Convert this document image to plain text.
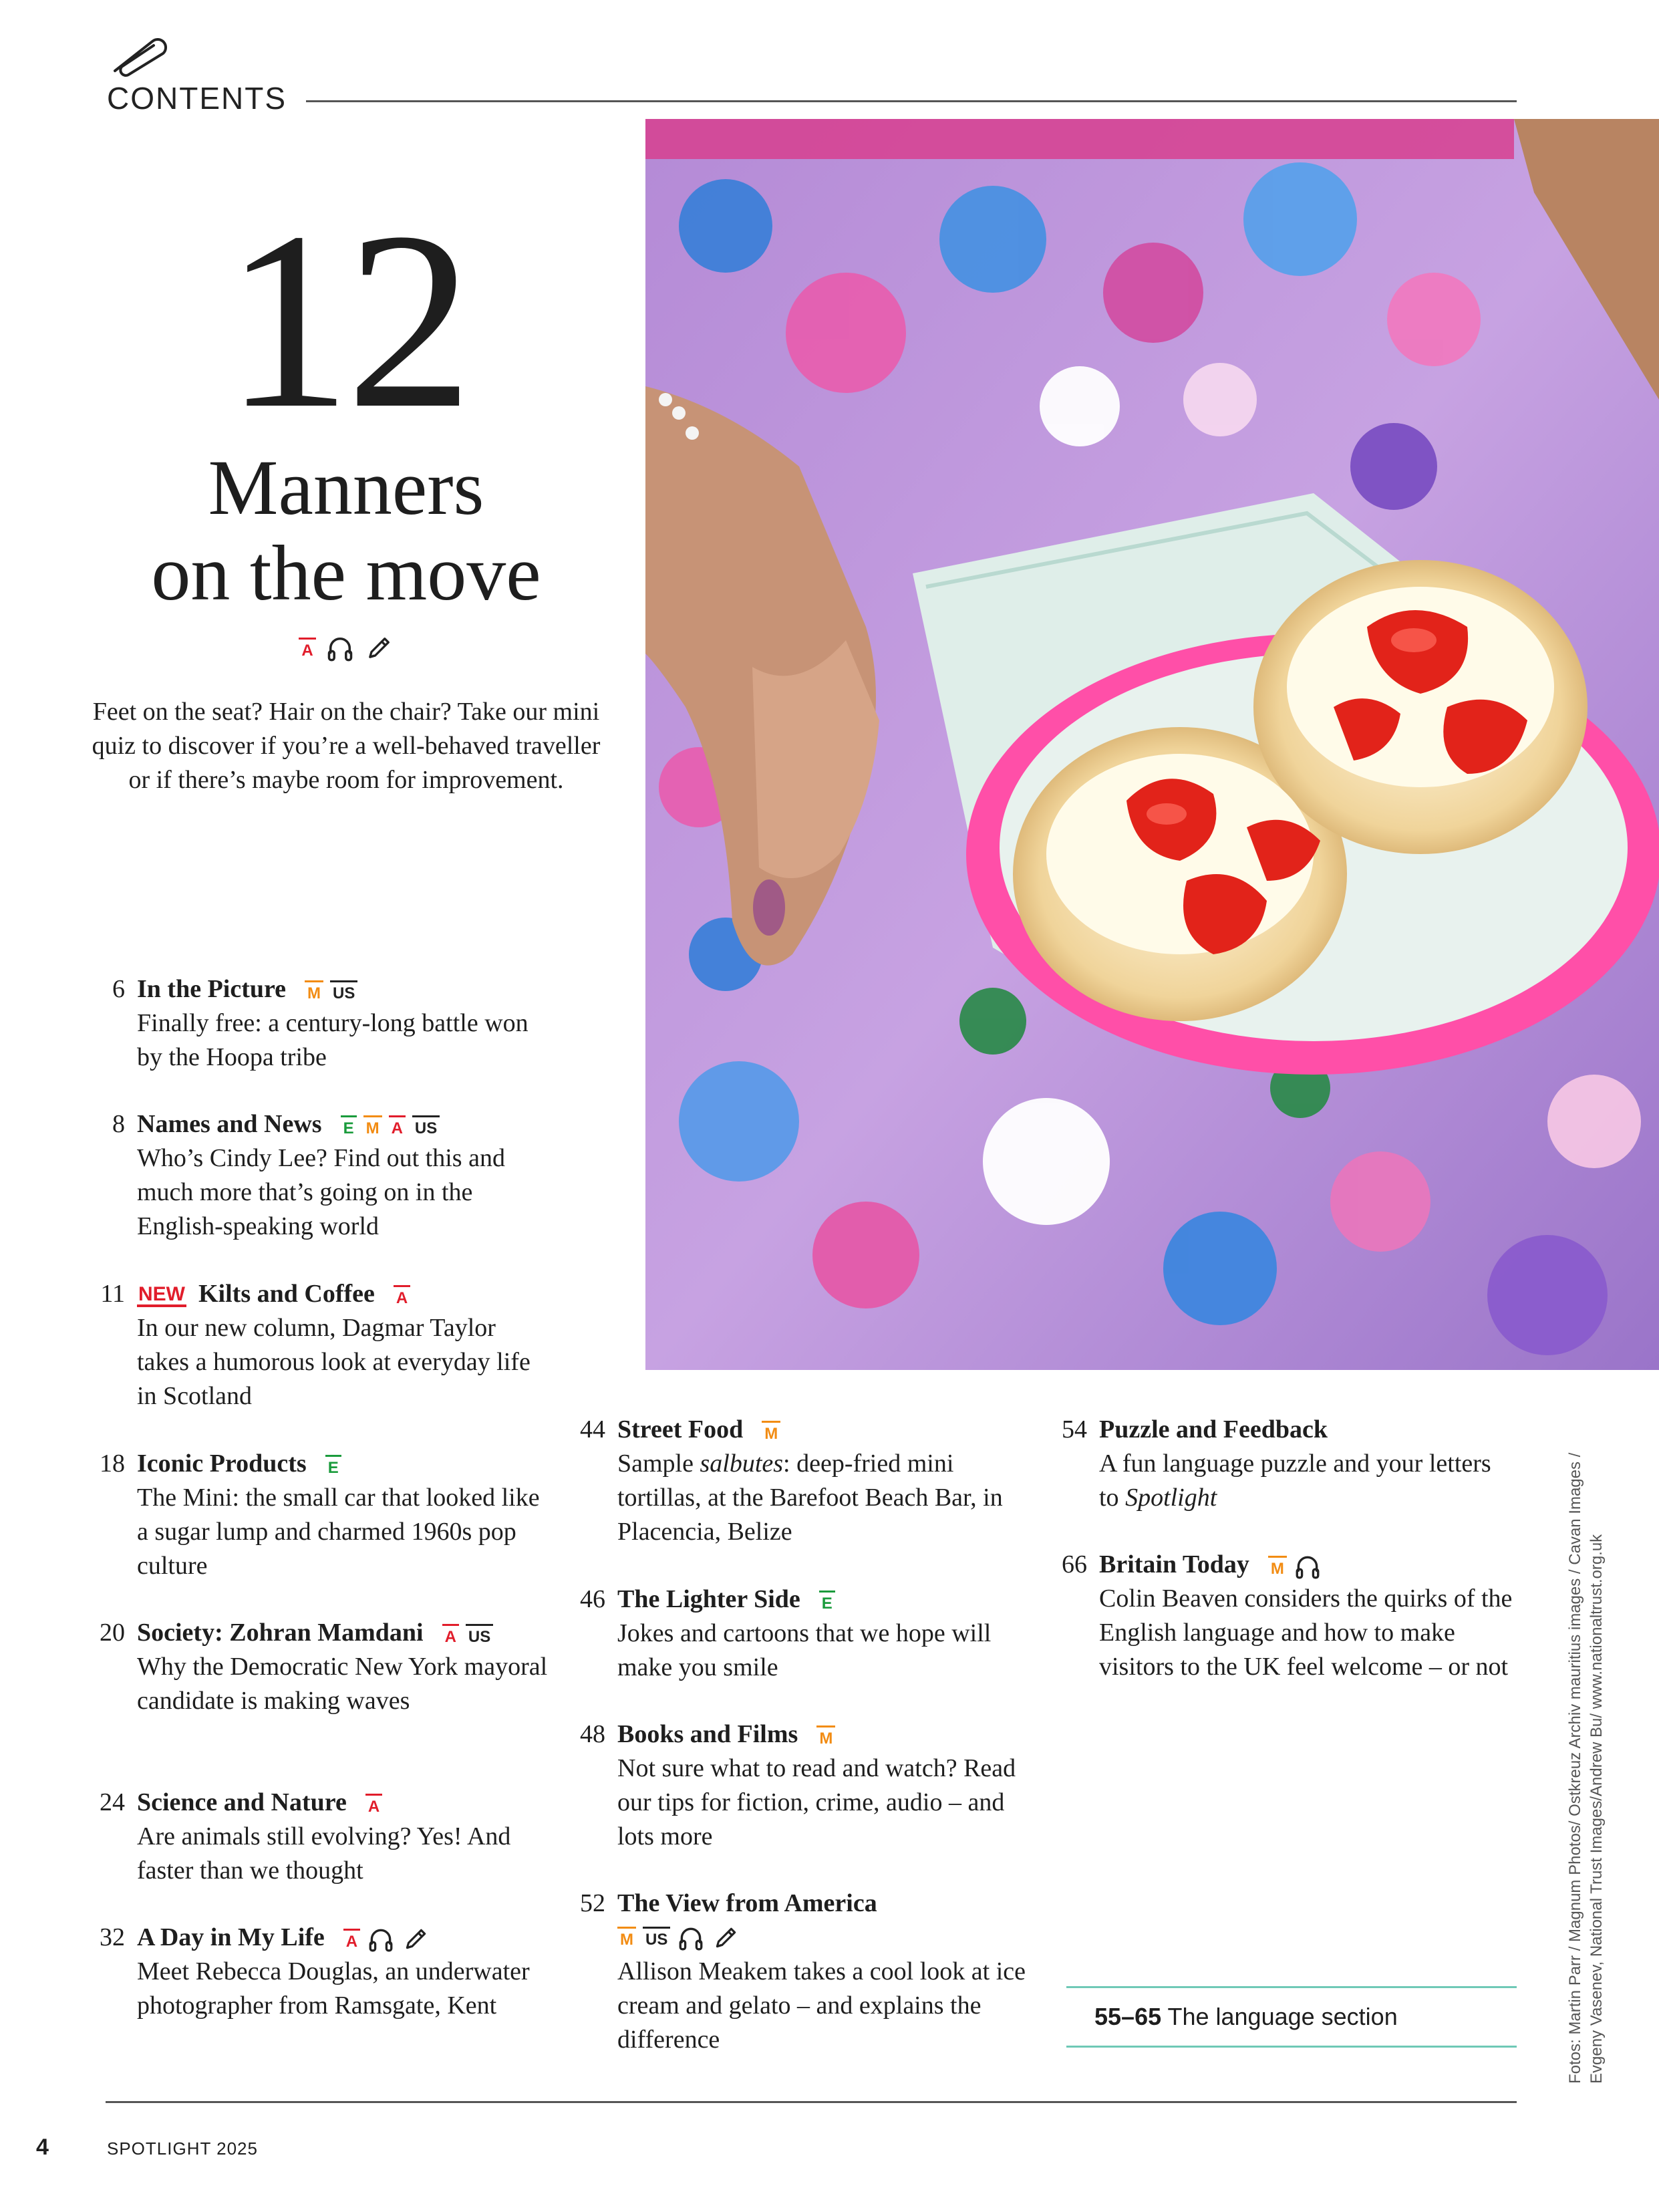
CONTENTS
12
Manners
on the move
A
Feet on the seat? Hair on the chair? Take our mini quiz to discover if you’re a well-behaved traveller or if there’s maybe room for improvement.
6 In the Picture M US
Finally free: a century-long battle won by the Hoopa tribe
8 Names and News E M A US
Who’s Cindy Lee? Find out this and much more that’s going on in the English-speaking world
11 NEW Kilts and Coffee A
In our new column, Dagmar Taylor takes a humorous look at everyday life in Scotland
18 Iconic Products E
The Mini: the small car that looked like a sugar lump and charmed 1960s pop culture
20 Society: Zohran Mamdani A US
Why the Democratic New York mayoral candidate is making waves
24 Science and Nature A
Are animals still evolving? Yes! And faster than we thought
32 A Day in My Life A
Meet Rebecca Douglas, an underwater photographer from Ramsgate, Kent
44 Street Food M
Sample salbutes: deep-fried mini tortillas, at the Barefoot Beach Bar, in Placencia, Belize
46 The Lighter Side E
Jokes and cartoons that we hope will make you smile
48 Books and Films M
Not sure what to read and watch? Read our tips for fiction, crime, audio – and lots more
52 The View from America
M US
Allison Meakem takes a cool look at ice cream and gelato – and explains the difference
54 Puzzle and Feedback
A fun language puzzle and your letters to Spotlight
66 Britain Today M
Colin Beaven considers the quirks of the English language and how to make visitors to the UK feel welcome – or not
55–65 The language section	Fotos: Martin Parr / Magnum Photos/ Ostkreuz Archiv mauritius images / Cavan Images / Evgeny Vasenev, National Trust Images/Andrew Bu/ www.nationaltrust.org.uk
4	SPOTLIGHT 2025
